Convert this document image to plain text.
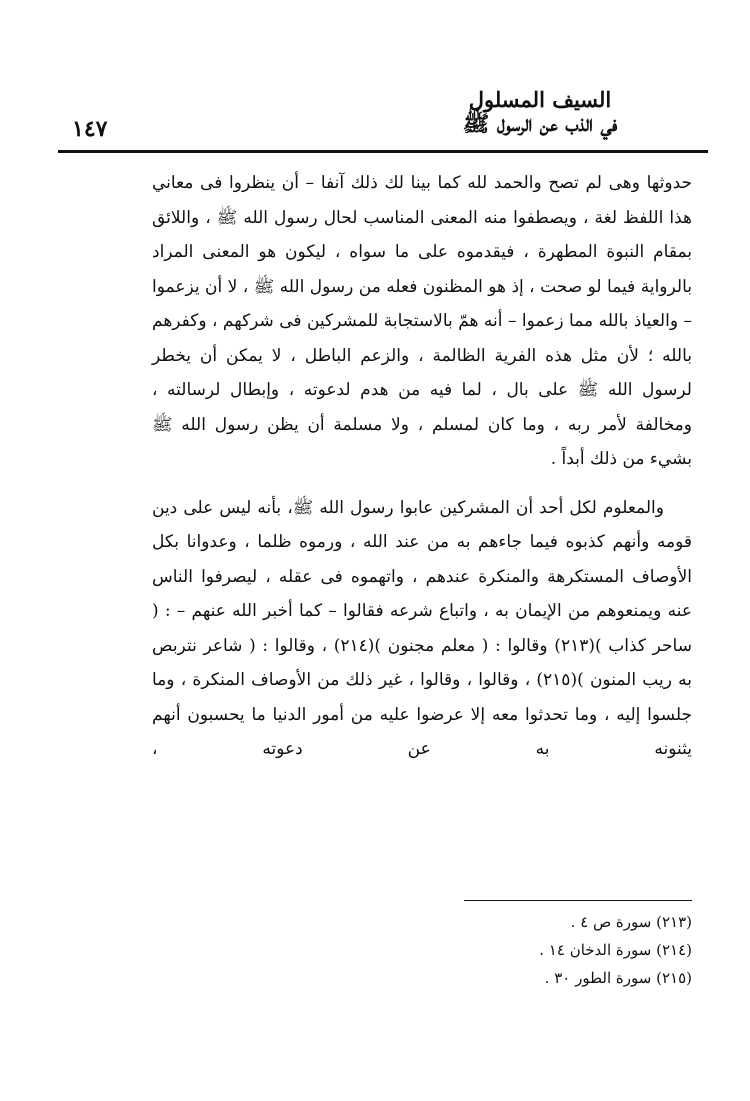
السيف المسلول
في الذب عن الرسول ﷺ
١٤٧

حدوثها وهى لم تصح والحمد لله كما بينا لك ذلك آنفا – أن ينظروا فى معاني هذا اللفظ لغة ، ويصطفوا منه المعنى المناسب لحال رسول الله ﷺ ، واللائق بمقام النبوة المطهرة ، فيقدموه على ما سواه ، ليكون هو المعنى المراد بالرواية فيما لو صحت ، إذ هو المظنون فعله من رسول الله ﷺ ، لا أن يزعموا – والعياذ بالله مما زعموا – أنه همّ بالاستجابة للمشركين فى شركهم ، وكفرهم بالله ؛ لأن مثل هذه الفرية الظالمة ، والزعم الباطل ، لا يمكن أن يخطر لرسول الله ﷺ على بال ، لما فيه من هدم لدعوته ، وإبطال لرسالته ، ومخالفة لأمر ربه ، وما كان لمسلم ، ولا مسلمة أن يظن رسول الله ﷺ بشيء من ذلك أبداً .

والمعلوم لكل أحد أن المشركين عابوا رسول الله ﷺ، بأنه ليس على دين قومه وأنهم كذبوه فيما جاءهم به من عند الله ، ورموه ظلما ، وعدوانا بكل الأوصاف المستكرهة والمنكرة عندهم ، واتهموه فى عقله ، ليصرفوا الناس عنه ويمنعوهم من الإيمان به ، واتباع شرعه فقالوا – كما أخبر الله عنهم – : ( ساحر كذاب )(٢١٣) وقالوا : ( معلم مجنون )(٢١٤) ، وقالوا : ( شاعر نتربص به ريب المنون )(٢١٥) ، وقالوا ، وقالوا ، غير ذلك من الأوصاف المنكرة ، وما جلسوا إليه ، وما تحدثوا معه إلا عرضوا عليه من أمور الدنيا ما يحسبون أنهم يثنونه به عن دعوته ،

(٢١٣) سورة ص ٤ .
(٢١٤) سورة الدخان ١٤ .
(٢١٥) سورة الطور ٣٠ .
